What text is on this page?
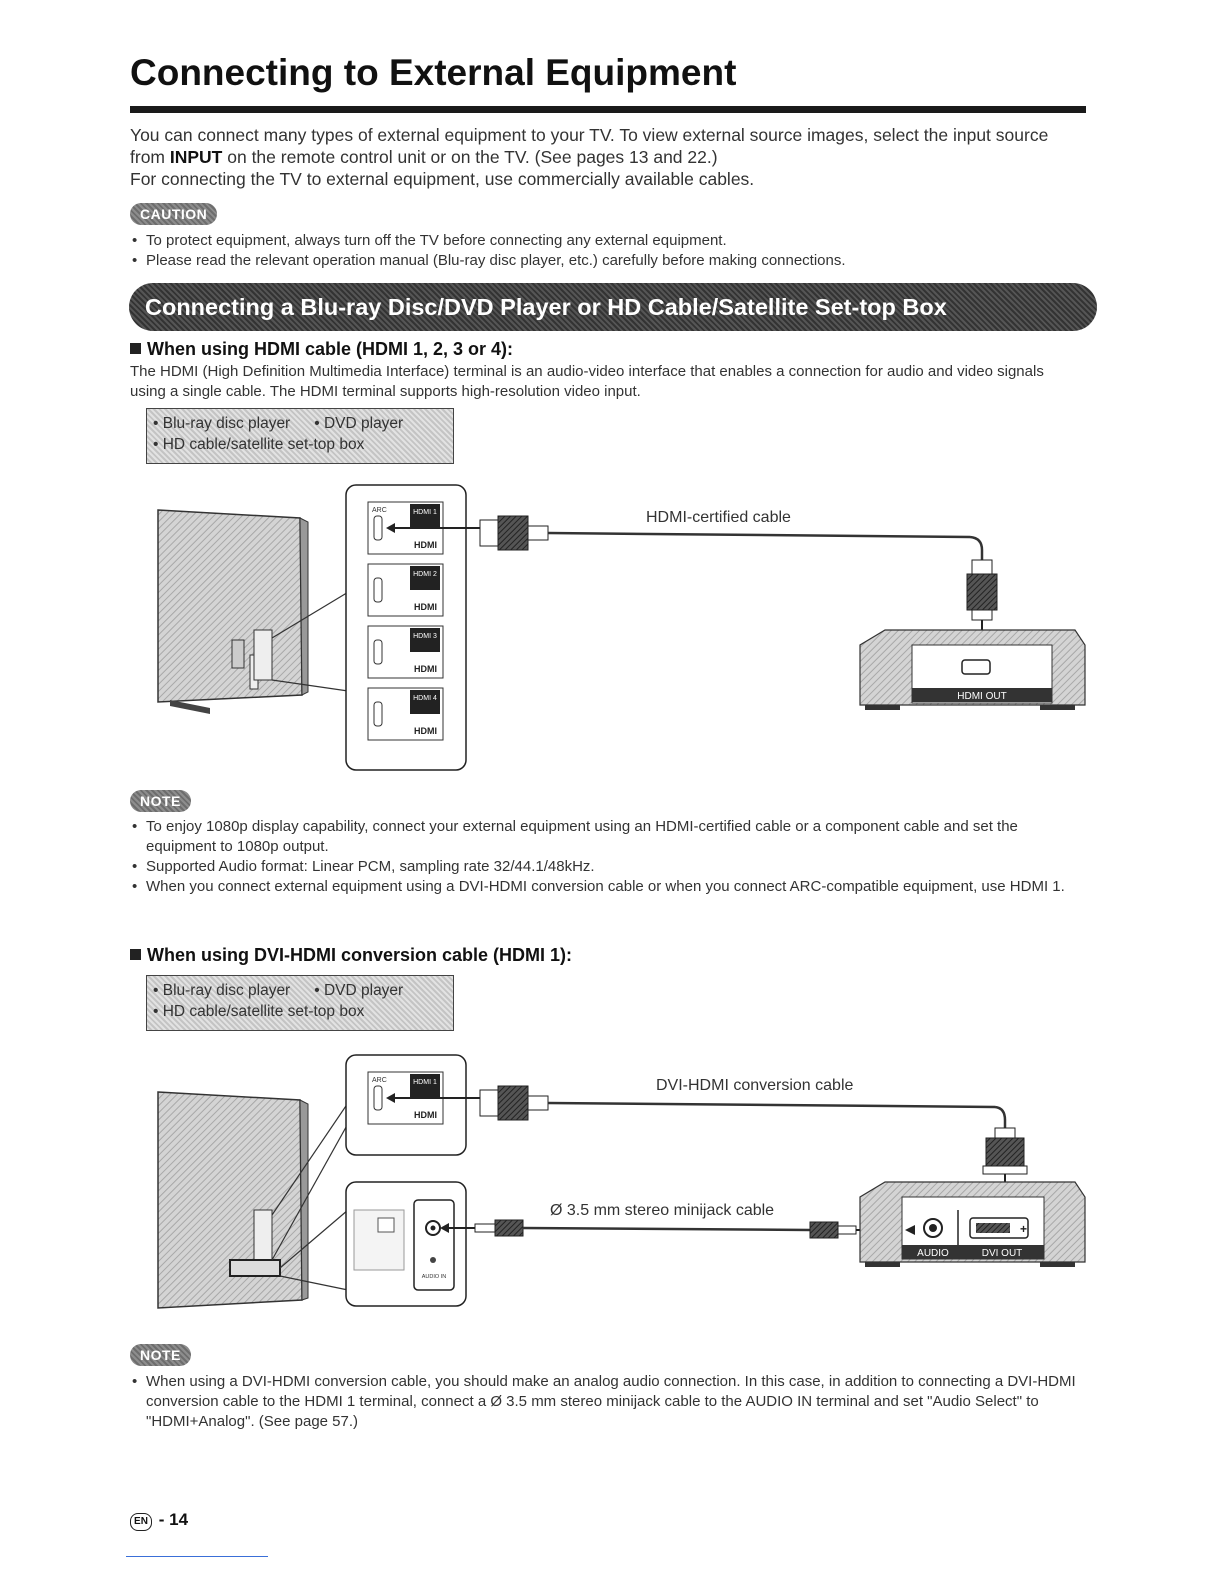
Connecting to External Equipment

You can connect many types of external equipment to your TV. To view external source images, select the input source from INPUT on the remote control unit or on the TV. (See pages 13 and 22.)

For connecting the TV to external equipment, use commercially available cables.

CAUTION
• To protect equipment, always turn off the TV before connecting any external equipment.
• Please read the relevant operation manual (Blu-ray disc player, etc.) carefully before making connections.
Connecting a Blu-ray Disc/DVD Player or HD Cable/Satellite Set-top Box
When using HDMI cable (HDMI 1, 2, 3 or 4):
The HDMI (High Definition Multimedia Interface) terminal is an audio-video interface that enables a connection for audio and video signals using a single cable. The HDMI terminal supports high-resolution video input.
• Blu-ray disc player • DVD player
• HD cable/satellite set-top box
HDMI 1
ARC
HDMI
HDMI 2
HDMI
HDMI 3
HDMI
HDMI 4
HDMI
HDMI OUT
HDMI-certified cable
NOTE
• To enjoy 1080p display capability, connect your external equipment using an HDMI-certified cable or a component cable and set the equipment to 1080p output.
• Supported Audio format: Linear PCM, sampling rate 32/44.1/48kHz.
• When you connect external equipment using a DVI-HDMI conversion cable or when you connect ARC-compatible equipment, use HDMI 1.
When using DVI-HDMI conversion cable (HDMI 1):
• Blu-ray disc player • DVD player
• HD cable/satellite set-top box
HDMI 1
ARC
HDMI
AUDIO IN
+
AUDIO	DVI OUT
DVI-HDMI conversion cable
Ø 3.5 mm stereo minijack cable
NOTE
• When using a DVI-HDMI conversion cable, you should make an analog audio connection. In this case, in addition to connecting a DVI-HDMI conversion cable to the HDMI 1 terminal, connect a Ø 3.5 mm stereo minijack cable to the AUDIO IN terminal and set "Audio Select" to "HDMI+Analog". (See page 57.)
EN - 14
